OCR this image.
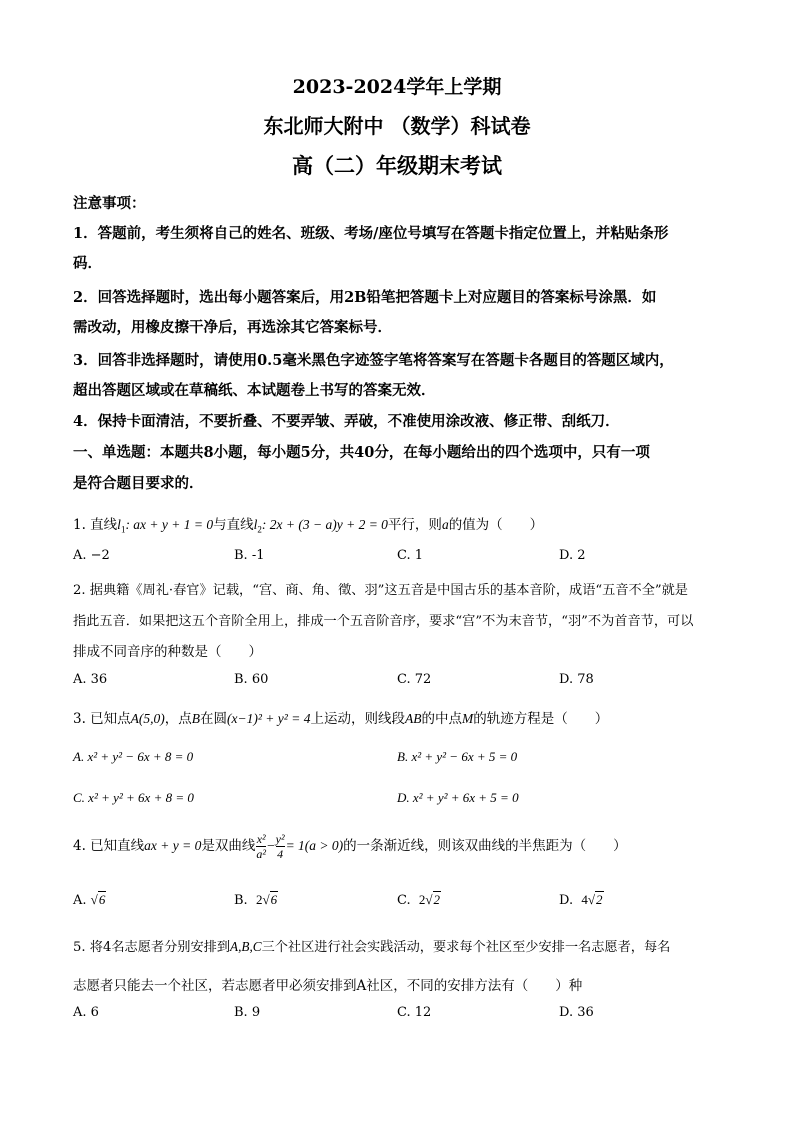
2023-2024学年上学期
东北师大附中 （数学）科试卷
高（二）年级期末考试
注意事项：
1．答题前，考生须将自己的姓名、班级、考场/座位号填写在答题卡指定位置上，并粘贴条形
码．
2．回答选择题时，选出每小题答案后，用2B铅笔把答题卡上对应题目的答案标号涂黑．如
需改动，用橡皮擦干净后，再选涂其它答案标号．
3．回答非选择题时，请使用0.5毫米黑色字迹签字笔将答案写在答题卡各题目的答题区域内，
超出答题区域或在草稿纸、本试题卷上书写的答案无效．
4．保持卡面清洁，不要折叠、不要弄皱、弄破，不准使用涂改液、修正带、刮纸刀．
一、单选题：本题共8小题，每小题5分，共40分，在每小题给出的四个选项中，只有一项
是符合题目要求的．
1. 直线$l_1$: ax + y + 1 = 0与直线$l_2$: 2x + (3 − a)y + 2 = 0平行，则a的值为（　　）
A. −2	B. -1	C. 1	D. 2
2. 据典籍《周礼·春官》记载，“宫、商、角、徵、羽”这五音是中国古乐的基本音阶，成语“五音不全”就是
指此五音．如果把这五个音阶全用上，排成一个五音阶音序，要求“宫”不为末音节，“羽”不为首音节，可以
排成不同音序的种数是（　　）
A. 36	B. 60	C. 72	D. 78
3. 已知点A(5,0)，点B在圆(x−1)² + y² = 4上运动，则线段AB的中点M的轨迹方程是（　　）
A. x² + y² − 6x + 8 = 0	B. x² + y² − 6x + 5 = 0
C. x² + y² + 6x + 8 = 0	D. x² + y² + 6x + 5 = 0
4. 已知直线ax + y = 0是双曲线 $\frac{\text{x²}}{\text{a²}} - \frac{\text{y²}}{4} = 1(a > 0)$的一条渐近线，则该双曲线的半焦距为（　　）
A. √6	B. 2√6	C. 2√2	D. 4√2
5. 将4名志愿者分别安排到A,B,C三个社区进行社会实践活动，要求每个社区至少安排一名志愿者，每名
志愿者只能去一个社区，若志愿者甲必须安排到A社区，不同的安排方法有（　　）种
A. 6	B. 9	C. 12	D. 36
